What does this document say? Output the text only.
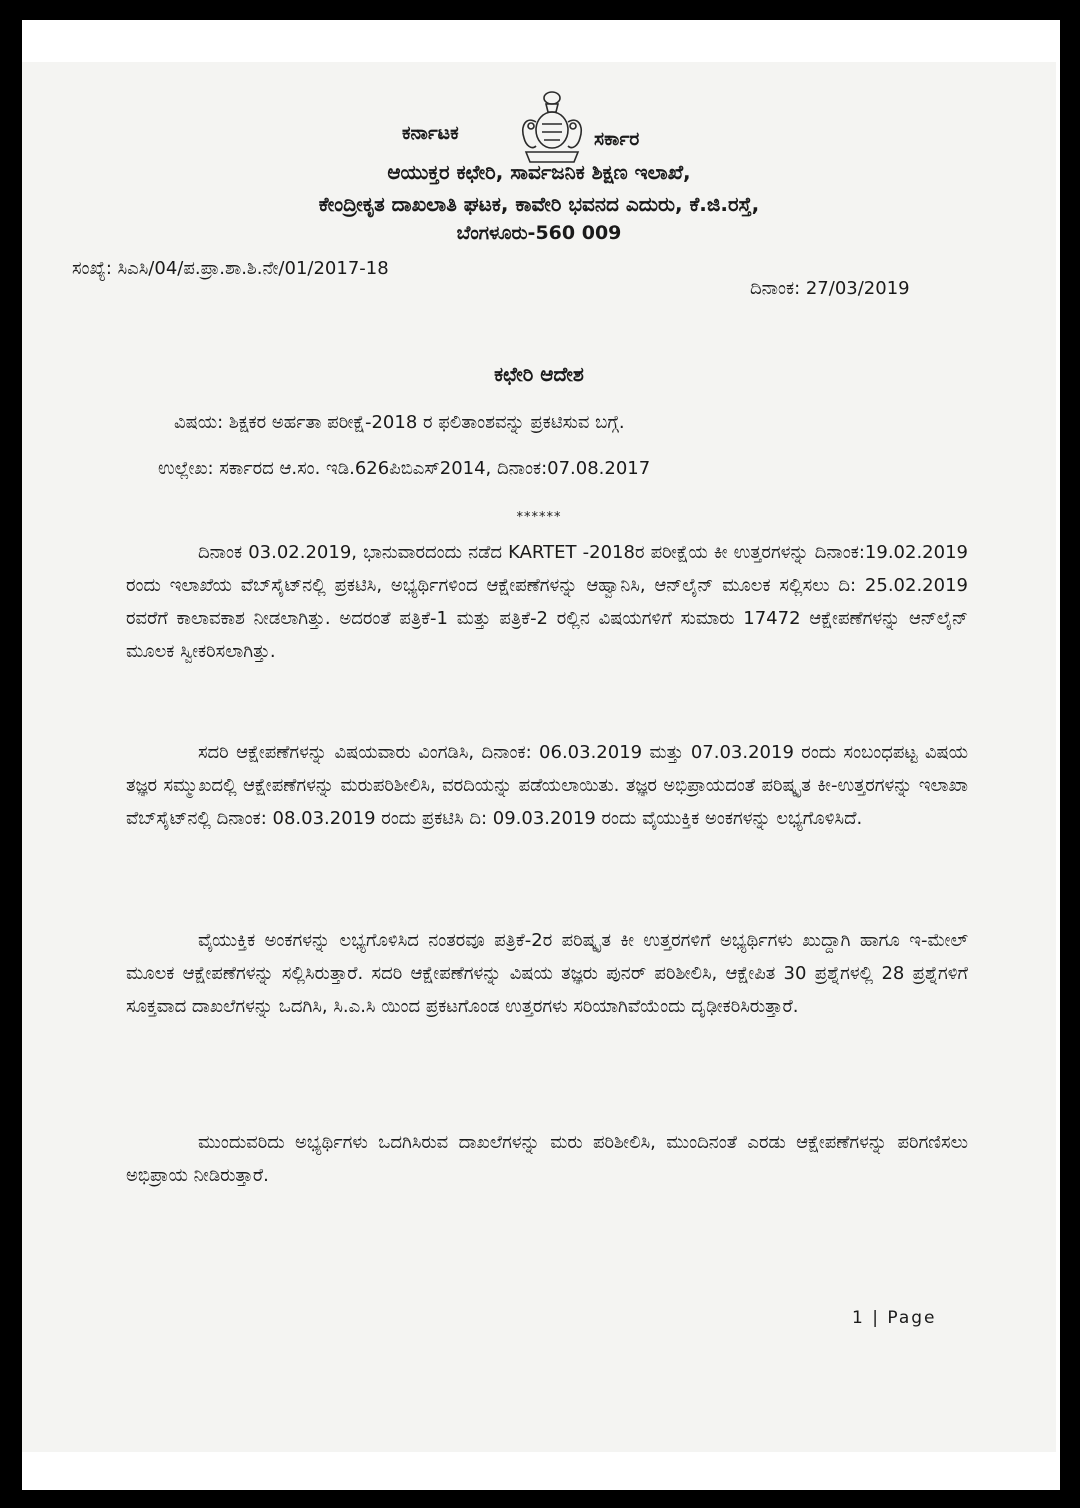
ಕರ್ನಾಟಕ	ಸರ್ಕಾರ
ಆಯುಕ್ತರ ಕಛೇರಿ, ಸಾರ್ವಜನಿಕ ಶಿಕ್ಷಣ ಇಲಾಖೆ,
ಕೇಂದ್ರೀಕೃತ ದಾಖಲಾತಿ ಘಟಕ, ಕಾವೇರಿ ಭವನದ ಎದುರು, ಕೆ.ಜಿ.ರಸ್ತೆ,
ಬೆಂಗಳೂರು-560 009
ಸಂಖ್ಯೆ: ಸಿಎಸಿ/04/ಪ.ಪ್ರಾ.ಶಾ.ಶಿ.ನೇ/01/2017-18
ದಿನಾಂಕ: 27/03/2019
ಕಛೇರಿ ಆದೇಶ
ವಿಷಯ: ಶಿಕ್ಷಕರ ಅರ್ಹತಾ ಪರೀಕ್ಷೆ-2018 ರ ಫಲಿತಾಂಶವನ್ನು ಪ್ರಕಟಿಸುವ ಬಗ್ಗೆ.
ಉಲ್ಲೇಖ: ಸರ್ಕಾರದ ಆ.ಸಂ. ಇಡಿ.626ಪಿಬಿಎಸ್2014, ದಿನಾಂಕ:07.08.2017
******

ದಿನಾಂಕ 03.02.2019, ಭಾನುವಾರದಂದು ನಡೆದ KARTET -2018ರ ಪರೀಕ್ಷೆಯ ಕೀ ಉತ್ತರಗಳನ್ನು ದಿನಾಂಕ:19.02.2019 ರಂದು ಇಲಾಖೆಯ ವೆಬ್‌ಸೈಟ್‌ನಲ್ಲಿ ಪ್ರಕಟಿಸಿ, ಅಭ್ಯರ್ಥಿಗಳಿಂದ ಆಕ್ಷೇಪಣೆಗಳನ್ನು ಆಹ್ವಾನಿಸಿ, ಆನ್‌ಲೈನ್ ಮೂಲಕ ಸಲ್ಲಿಸಲು ದಿ: 25.02.2019 ರವರೆಗೆ ಕಾಲಾವಕಾಶ ನೀಡಲಾಗಿತ್ತು. ಅದರಂತೆ ಪತ್ರಿಕೆ-1 ಮತ್ತು ಪತ್ರಿಕೆ-2 ರಲ್ಲಿನ ವಿಷಯಗಳಿಗೆ ಸುಮಾರು 17472 ಆಕ್ಷೇಪಣೆಗಳನ್ನು ಆನ್‌ಲೈನ್ ಮೂಲಕ ಸ್ವೀಕರಿಸಲಾಗಿತ್ತು.

ಸದರಿ ಆಕ್ಷೇಪಣೆಗಳನ್ನು ವಿಷಯವಾರು ವಿಂಗಡಿಸಿ, ದಿನಾಂಕ: 06.03.2019 ಮತ್ತು 07.03.2019 ರಂದು ಸಂಬಂಧಪಟ್ಟ ವಿಷಯ ತಜ್ಞರ ಸಮ್ಮುಖದಲ್ಲಿ ಆಕ್ಷೇಪಣೆಗಳನ್ನು ಮರುಪರಿಶೀಲಿಸಿ, ವರದಿಯನ್ನು ಪಡೆಯಲಾಯಿತು. ತಜ್ಞರ ಅಭಿಪ್ರಾಯದಂತೆ ಪರಿಷ್ಕೃತ ಕೀ-ಉತ್ತರಗಳನ್ನು ಇಲಾಖಾ ವೆಬ್‌ಸೈಟ್‌ನಲ್ಲಿ ದಿನಾಂಕ: 08.03.2019 ರಂದು ಪ್ರಕಟಿಸಿ ದಿ: 09.03.2019 ರಂದು ವೈಯುಕ್ತಿಕ ಅಂಕಗಳನ್ನು ಲಭ್ಯಗೊಳಿಸಿದೆ.

ವೈಯುಕ್ತಿಕ ಅಂಕಗಳನ್ನು ಲಭ್ಯಗೊಳಿಸಿದ ನಂತರವೂ ಪತ್ರಿಕೆ-2ರ ಪರಿಷ್ಕೃತ ಕೀ ಉತ್ತರಗಳಿಗೆ ಅಭ್ಯರ್ಥಿಗಳು ಖುದ್ದಾಗಿ ಹಾಗೂ ಇ-ಮೇಲ್ ಮೂಲಕ ಆಕ್ಷೇಪಣೆಗಳನ್ನು ಸಲ್ಲಿಸಿರುತ್ತಾರೆ. ಸದರಿ ಆಕ್ಷೇಪಣೆಗಳನ್ನು ವಿಷಯ ತಜ್ಞರು ಪುನರ್ ಪರಿಶೀಲಿಸಿ, ಆಕ್ಷೇಪಿತ 30 ಪ್ರಶ್ನೆಗಳಲ್ಲಿ 28 ಪ್ರಶ್ನೆಗಳಿಗೆ ಸೂಕ್ತವಾದ ದಾಖಲೆಗಳನ್ನು ಒದಗಿಸಿ, ಸಿ.ಎ.ಸಿ ಯಿಂದ ಪ್ರಕಟಗೊಂಡ ಉತ್ತರಗಳು ಸರಿಯಾಗಿವೆಯೆಂದು ದೃಢೀಕರಿಸಿರುತ್ತಾರೆ.

ಮುಂದುವರಿದು ಅಭ್ಯರ್ಥಿಗಳು ಒದಗಿಸಿರುವ ದಾಖಲೆಗಳನ್ನು ಮರು ಪರಿಶೀಲಿಸಿ, ಮುಂದಿನಂತೆ ಎರಡು ಆಕ್ಷೇಪಣೆಗಳನ್ನು ಪರಿಗಣಿಸಲು ಅಭಿಪ್ರಾಯ ನೀಡಿರುತ್ತಾರೆ.

1 | Page
